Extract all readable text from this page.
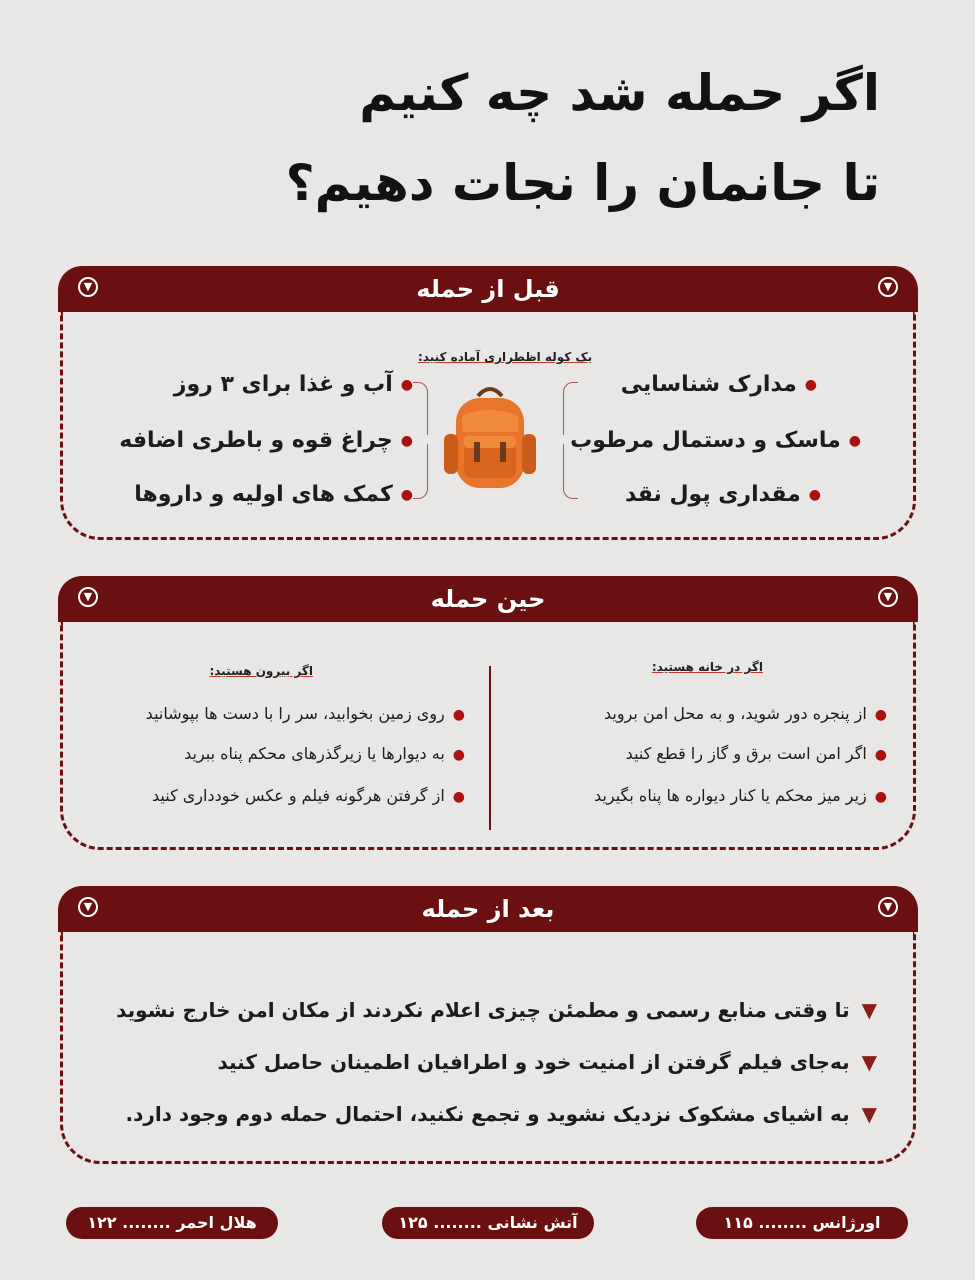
اگر حمله شد چه کنیم
تا جانمان را نجات دهیم؟
▼	قبل از حمله	▼
یک کوله اظطراری آماده کنید:
●مدارک شناسایی
●ماسک و دستمال مرطوب
●مقداری پول نقد
●آب و غذا برای ۳ روز
●چراغ قوه و باطری اضافه
●کمک های اولیه و داروها
▼	حین حمله	▼
اگر در خانه هستید:
اگر بیرون هستید:
●از پنجره دور شوید، و به محل امن بروید
●اگر امن است برق و گاز را قطع کنید
●زیر میز محکم یا کنار دیواره ها پناه بگیرید
●روی زمین بخوابید، سر را با دست ها بپوشانید
●به دیوارها یا زیرگذرهای محکم پناه ببرید
●از گرفتن هرگونه فیلم و عکس خودداری کنید
▼	بعد از حمله	▼
▼تا وقتی منابع رسمی و مطمئن چیزی اعلام نکردند از مکان امن خارج نشوید
▼به‌جای فیلم گرفتن از امنیت خود و اطرافیان اطمینان حاصل کنید
▼به اشیای مشکوک نزدیک نشوید و تجمع نکنید، احتمال حمله دوم وجود دارد.
اورژانس ........ ۱۱۵
آتش نشانی ........ ۱۲۵
هلال احمر ........ ۱۲۲
